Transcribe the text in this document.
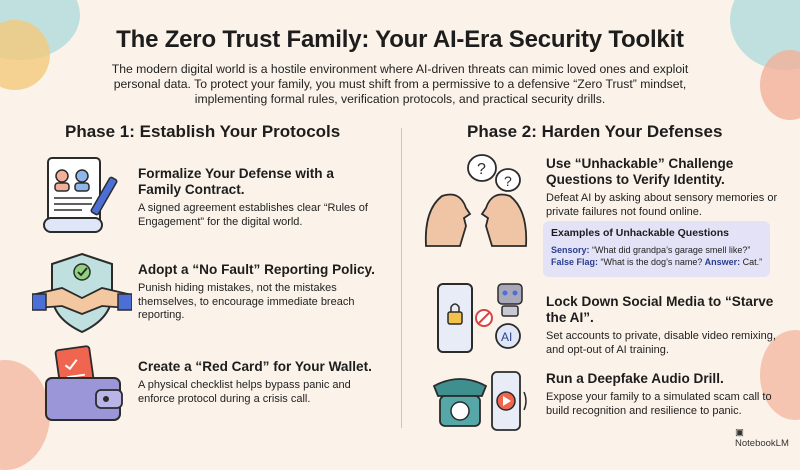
The Zero Trust Family: Your AI-Era Security Toolkit
The modern digital world is a hostile environment where AI-driven threats can mimic loved ones and exploit personal data. To protect your family, you must shift from a permissive to a defensive “Zero Trust” mindset, implementing formal rules, verification protocols, and practical security drills.
Phase 1: Establish Your Protocols	Phase 2: Harden Your Defenses
Formalize Your Defense with a Family Contract.
A signed agreement establishes clear “Rules of Engagement” for the digital world.
Adopt a “No Fault” Reporting Policy.
Punish hiding mistakes, not the mistakes themselves, to encourage immediate breach reporting.
Create a “Red Card” for Your Wallet.
A physical checklist helps bypass panic and enforce protocol during a crisis call.
?
?
Use “Unhackable” Challenge Questions to Verify Identity.
Defeat AI by asking about sensory memories or private failures not found online.
Examples of Unhackable Questions
Sensory: “What did grandpa’s garage smell like?”
False Flag: “What is the dog’s name? Answer: Cat.”
AI
Lock Down Social Media to “Starve the AI”.
Set accounts to private, disable video remixing, and opt-out of AI training.
Run a Deepfake Audio Drill.
Expose your family to a simulated scam call to build recognition and resilience to panic.
▣ NotebookLM
